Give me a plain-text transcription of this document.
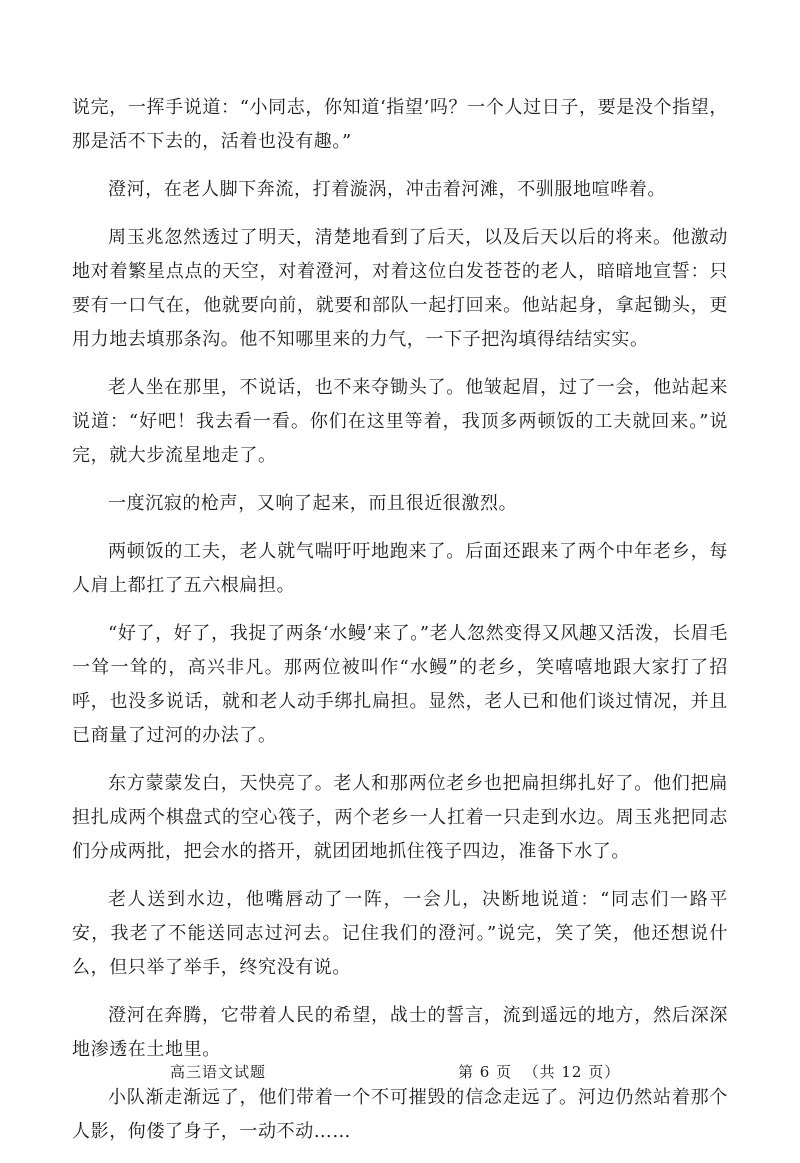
说完，一挥手说道：“小同志，你知道‘指望’吗？一个人过日子，要是没个指望，那是活不下去的，活着也没有趣。”

澄河，在老人脚下奔流，打着漩涡，冲击着河滩，不驯服地喧哗着。

周玉兆忽然透过了明天，清楚地看到了后天，以及后天以后的将来。他激动地对着繁星点点的天空，对着澄河，对着这位白发苍苍的老人，暗暗地宣誓：只要有一口气在，他就要向前，就要和部队一起打回来。他站起身，拿起锄头，更用力地去填那条沟。他不知哪里来的力气，一下子把沟填得结结实实。

老人坐在那里，不说话，也不来夺锄头了。他皱起眉，过了一会，他站起来说道：“好吧！我去看一看。你们在这里等着，我顶多两顿饭的工夫就回来。”说完，就大步流星地走了。

一度沉寂的枪声，又响了起来，而且很近很激烈。

两顿饭的工夫，老人就气喘吁吁地跑来了。后面还跟来了两个中年老乡，每人肩上都扛了五六根扁担。

“好了，好了，我捉了两条‘水鳗’来了。”老人忽然变得又风趣又活泼，长眉毛一耸一耸的，高兴非凡。那两位被叫作“水鳗”的老乡，笑嘻嘻地跟大家打了招呼，也没多说话，就和老人动手绑扎扁担。显然，老人已和他们谈过情况，并且已商量了过河的办法了。

东方蒙蒙发白，天快亮了。老人和那两位老乡也把扁担绑扎好了。他们把扁担扎成两个棋盘式的空心筏子，两个老乡一人扛着一只走到水边。周玉兆把同志们分成两批，把会水的搭开，就团团地抓住筏子四边，准备下水了。

老人送到水边，他嘴唇动了一阵，一会儿，决断地说道：“同志们一路平安，我老了不能送同志过河去。记住我们的澄河。”说完，笑了笑，他还想说什么，但只举了举手，终究没有说。

澄河在奔腾，它带着人民的希望，战士的誓言，流到遥远的地方，然后深深地渗透在土地里。

小队渐走渐远了，他们带着一个不可摧毁的信念走远了。河边仍然站着那个人影，佝偻了身子，一动不动……

高三语文试题	第 6 页  （共 12 页）
